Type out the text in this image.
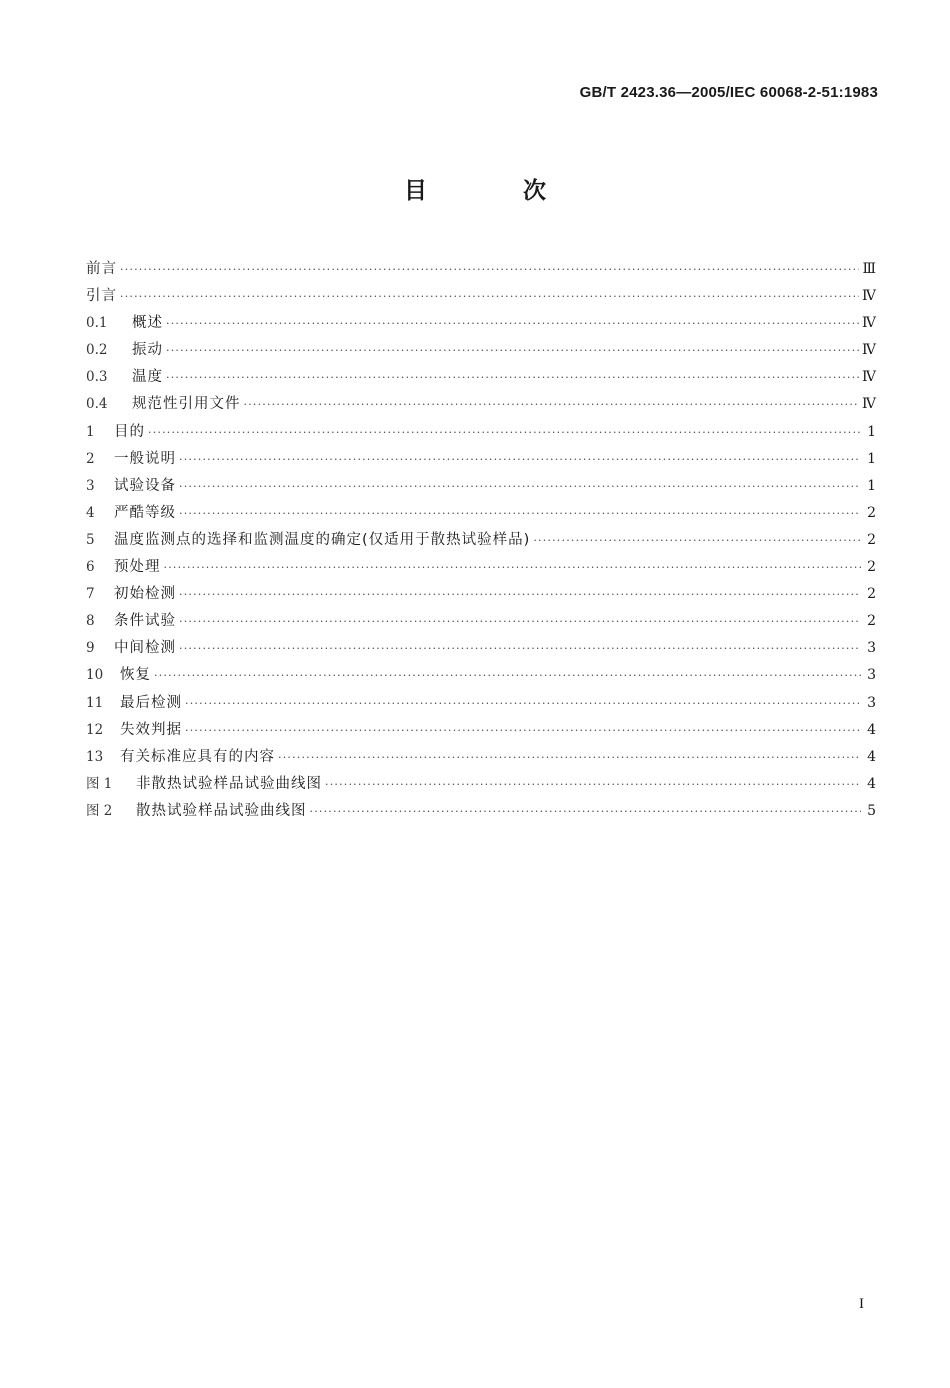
GB/T 2423.36—2005/IEC 60068-2-51:1983
目 次
前言 ·····	Ⅲ
引言 ·····	Ⅳ
0.1	概述 ·····	Ⅳ
0.2	振动 ·····	Ⅳ
0.3	温度 ·····	Ⅳ
0.4	规范性引用文件 ·····	Ⅳ
1	目的 ·····	1
2	一般说明 ·····	1
3	试验设备 ·····	1
4	严酷等级 ·····	2
5	温度监测点的选择和监测温度的确定(仅适用于散热试验样品) ·····	2
6	预处理 ·····	2
7	初始检测 ·····	2
8	条件试验 ·····	2
9	中间检测 ·····	3
10	恢复 ·····	3
11	最后检测 ·····	3
12	失效判据 ·····	4
13	有关标准应具有的内容 ·····	4
图 1	非散热试验样品试验曲线图 ·····	4
图 2	散热试验样品试验曲线图 ·····	5
I
